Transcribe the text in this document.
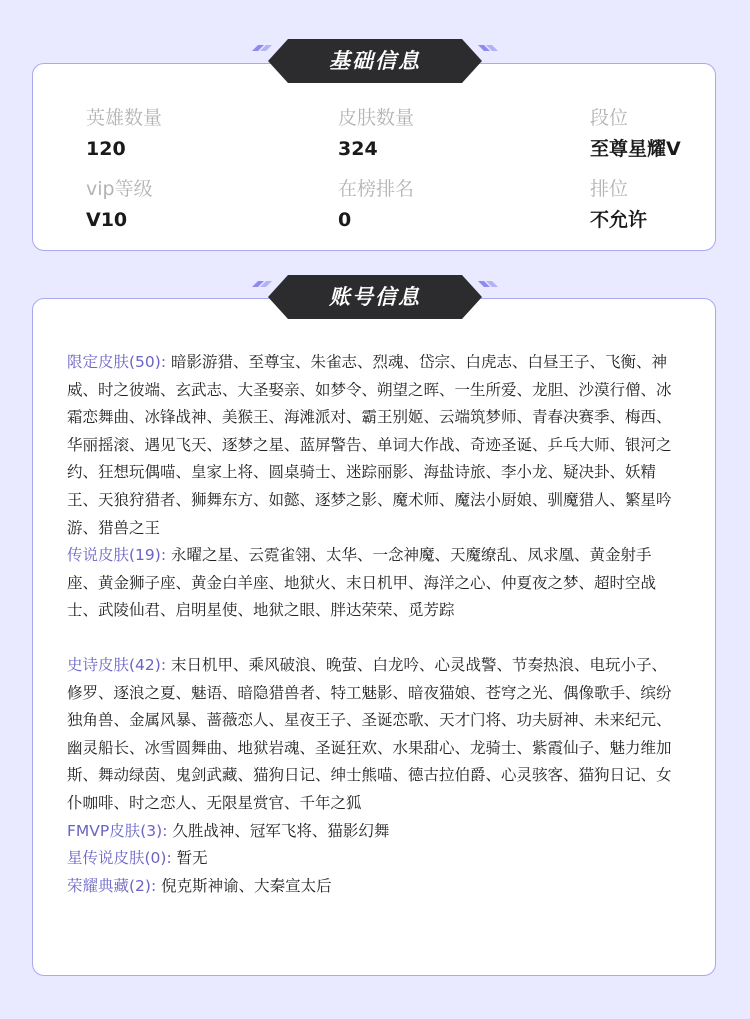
英雄数量
120
皮肤数量
324
段位
至尊星耀V
vip等级
V10
在榜排名
0
排位
不允许
基础信息
账号信息

限定皮肤(50): 暗影游猎、至尊宝、朱雀志、烈魂、岱宗、白虎志、白昼王子、飞衡、神威、时之彼端、玄武志、大圣娶亲、如梦令、朔望之晖、一生所爱、龙胆、沙漠行僧、冰霜恋舞曲、冰锋战神、美猴王、海滩派对、霸王别姬、云端筑梦师、青春决赛季、梅西、华丽摇滚、遇见飞天、逐梦之星、蓝屏警告、单词大作战、奇迹圣诞、乒乓大师、银河之约、狂想玩偶喵、皇家上将、圆桌骑士、迷踪丽影、海盐诗旅、李小龙、疑决卦、妖精王、天狼狩猎者、狮舞东方、如懿、逐梦之影、魔术师、魔法小厨娘、驯魔猎人、繁星吟游、猎兽之王

传说皮肤(19): 永曜之星、云霓雀翎、太华、一念神魔、天魔缭乱、凤求凰、黄金射手座、黄金狮子座、黄金白羊座、地狱火、末日机甲、海洋之心、仲夏夜之梦、超时空战士、武陵仙君、启明星使、地狱之眼、胖达荣荣、觅芳踪

史诗皮肤(42): 末日机甲、乘风破浪、晚萤、白龙吟、心灵战警、节奏热浪、电玩小子、修罗、逐浪之夏、魅语、暗隐猎兽者、特工魅影、暗夜猫娘、苍穹之光、偶像歌手、缤纷独角兽、金属风暴、蔷薇恋人、星夜王子、圣诞恋歌、天才门将、功夫厨神、未来纪元、幽灵船长、冰雪圆舞曲、地狱岩魂、圣诞狂欢、水果甜心、龙骑士、紫霞仙子、魅力维加斯、舞动绿茵、鬼剑武藏、猫狗日记、绅士熊喵、德古拉伯爵、心灵骇客、猫狗日记、女仆咖啡、时之恋人、无限星赏官、千年之狐

FMVP皮肤(3): 久胜战神、冠军飞将、猫影幻舞

星传说皮肤(0): 暂无

荣耀典藏(2): 倪克斯神谕、大秦宣太后
